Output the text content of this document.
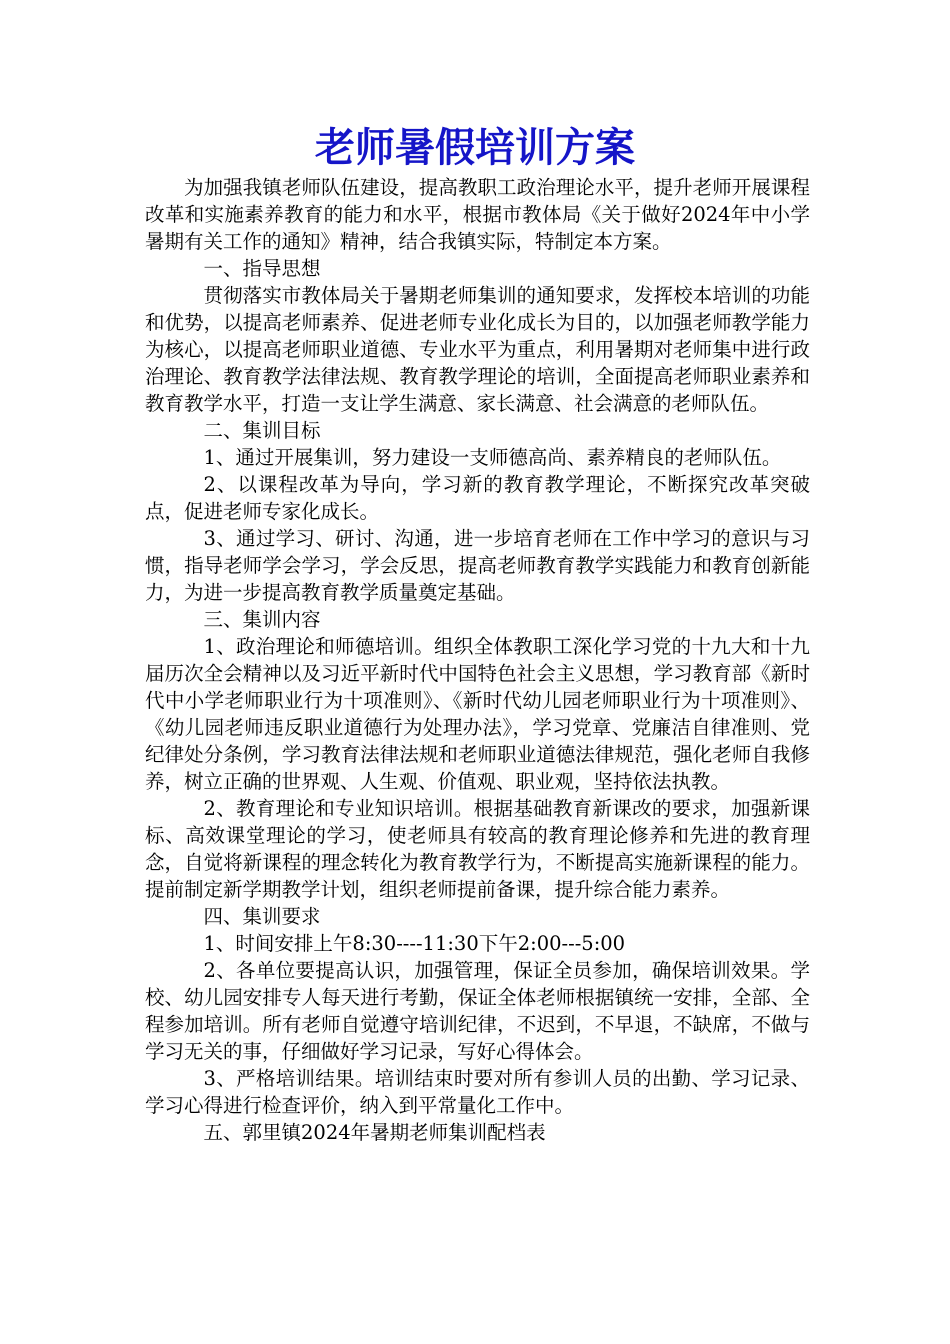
老师暑假培训方案

为加强我镇老师队伍建设，提高教职工政治理论水平，提升老师开展课程改革和实施素养教育的能力和水平，根据市教体局《关于做好2024年中小学暑期有关工作的通知》精神，结合我镇实际，特制定本方案。

一、指导思想

贯彻落实市教体局关于暑期老师集训的通知要求，发挥校本培训的功能和优势，以提高老师素养、促进老师专业化成长为目的，以加强老师教学能力为核心，以提高老师职业道德、专业水平为重点，利用暑期对老师集中进行政治理论、教育教学法律法规、教育教学理论的培训，全面提高老师职业素养和教育教学水平，打造一支让学生满意、家长满意、社会满意的老师队伍。

二、集训目标

1、通过开展集训，努力建设一支师德高尚、素养精良的老师队伍。

2、以课程改革为导向，学习新的教育教学理论，不断探究改革突破点，促进老师专家化成长。

3、通过学习、研讨、沟通，进一步培育老师在工作中学习的意识与习惯，指导老师学会学习，学会反思，提高老师教育教学实践能力和教育创新能力，为进一步提高教育教学质量奠定基础。

三、集训内容

1、政治理论和师德培训。组织全体教职工深化学习党的十九大和十九届历次全会精神以及习近平新时代中国特色社会主义思想，学习教育部《新时代中小学老师职业行为十项准则》、《新时代幼儿园老师职业行为十项准则》、《幼儿园老师违反职业道德行为处理办法》，学习党章、党廉洁自律准则、党纪律处分条例，学习教育法律法规和老师职业道德法律规范，强化老师自我修养，树立正确的世界观、人生观、价值观、职业观，坚持依法执教。

2、教育理论和专业知识培训。根据基础教育新课改的要求，加强新课标、高效课堂理论的学习，使老师具有较高的教育理论修养和先进的教育理念，自觉将新课程的理念转化为教育教学行为，不断提高实施新课程的能力。提前制定新学期教学计划，组织老师提前备课，提升综合能力素养。

四、集训要求

1、时间安排上午8:30----11:30下午2:00---5:00

2、各单位要提高认识，加强管理，保证全员参加，确保培训效果。学校、幼儿园安排专人每天进行考勤，保证全体老师根据镇统一安排，全部、全程参加培训。所有老师自觉遵守培训纪律，不迟到，不早退，不缺席，不做与学习无关的事，仔细做好学习记录，写好心得体会。

3、严格培训结果。培训结束时要对所有参训人员的出勤、学习记录、学习心得进行检查评价，纳入到平常量化工作中。

五、郭里镇2024年暑期老师集训配档表
